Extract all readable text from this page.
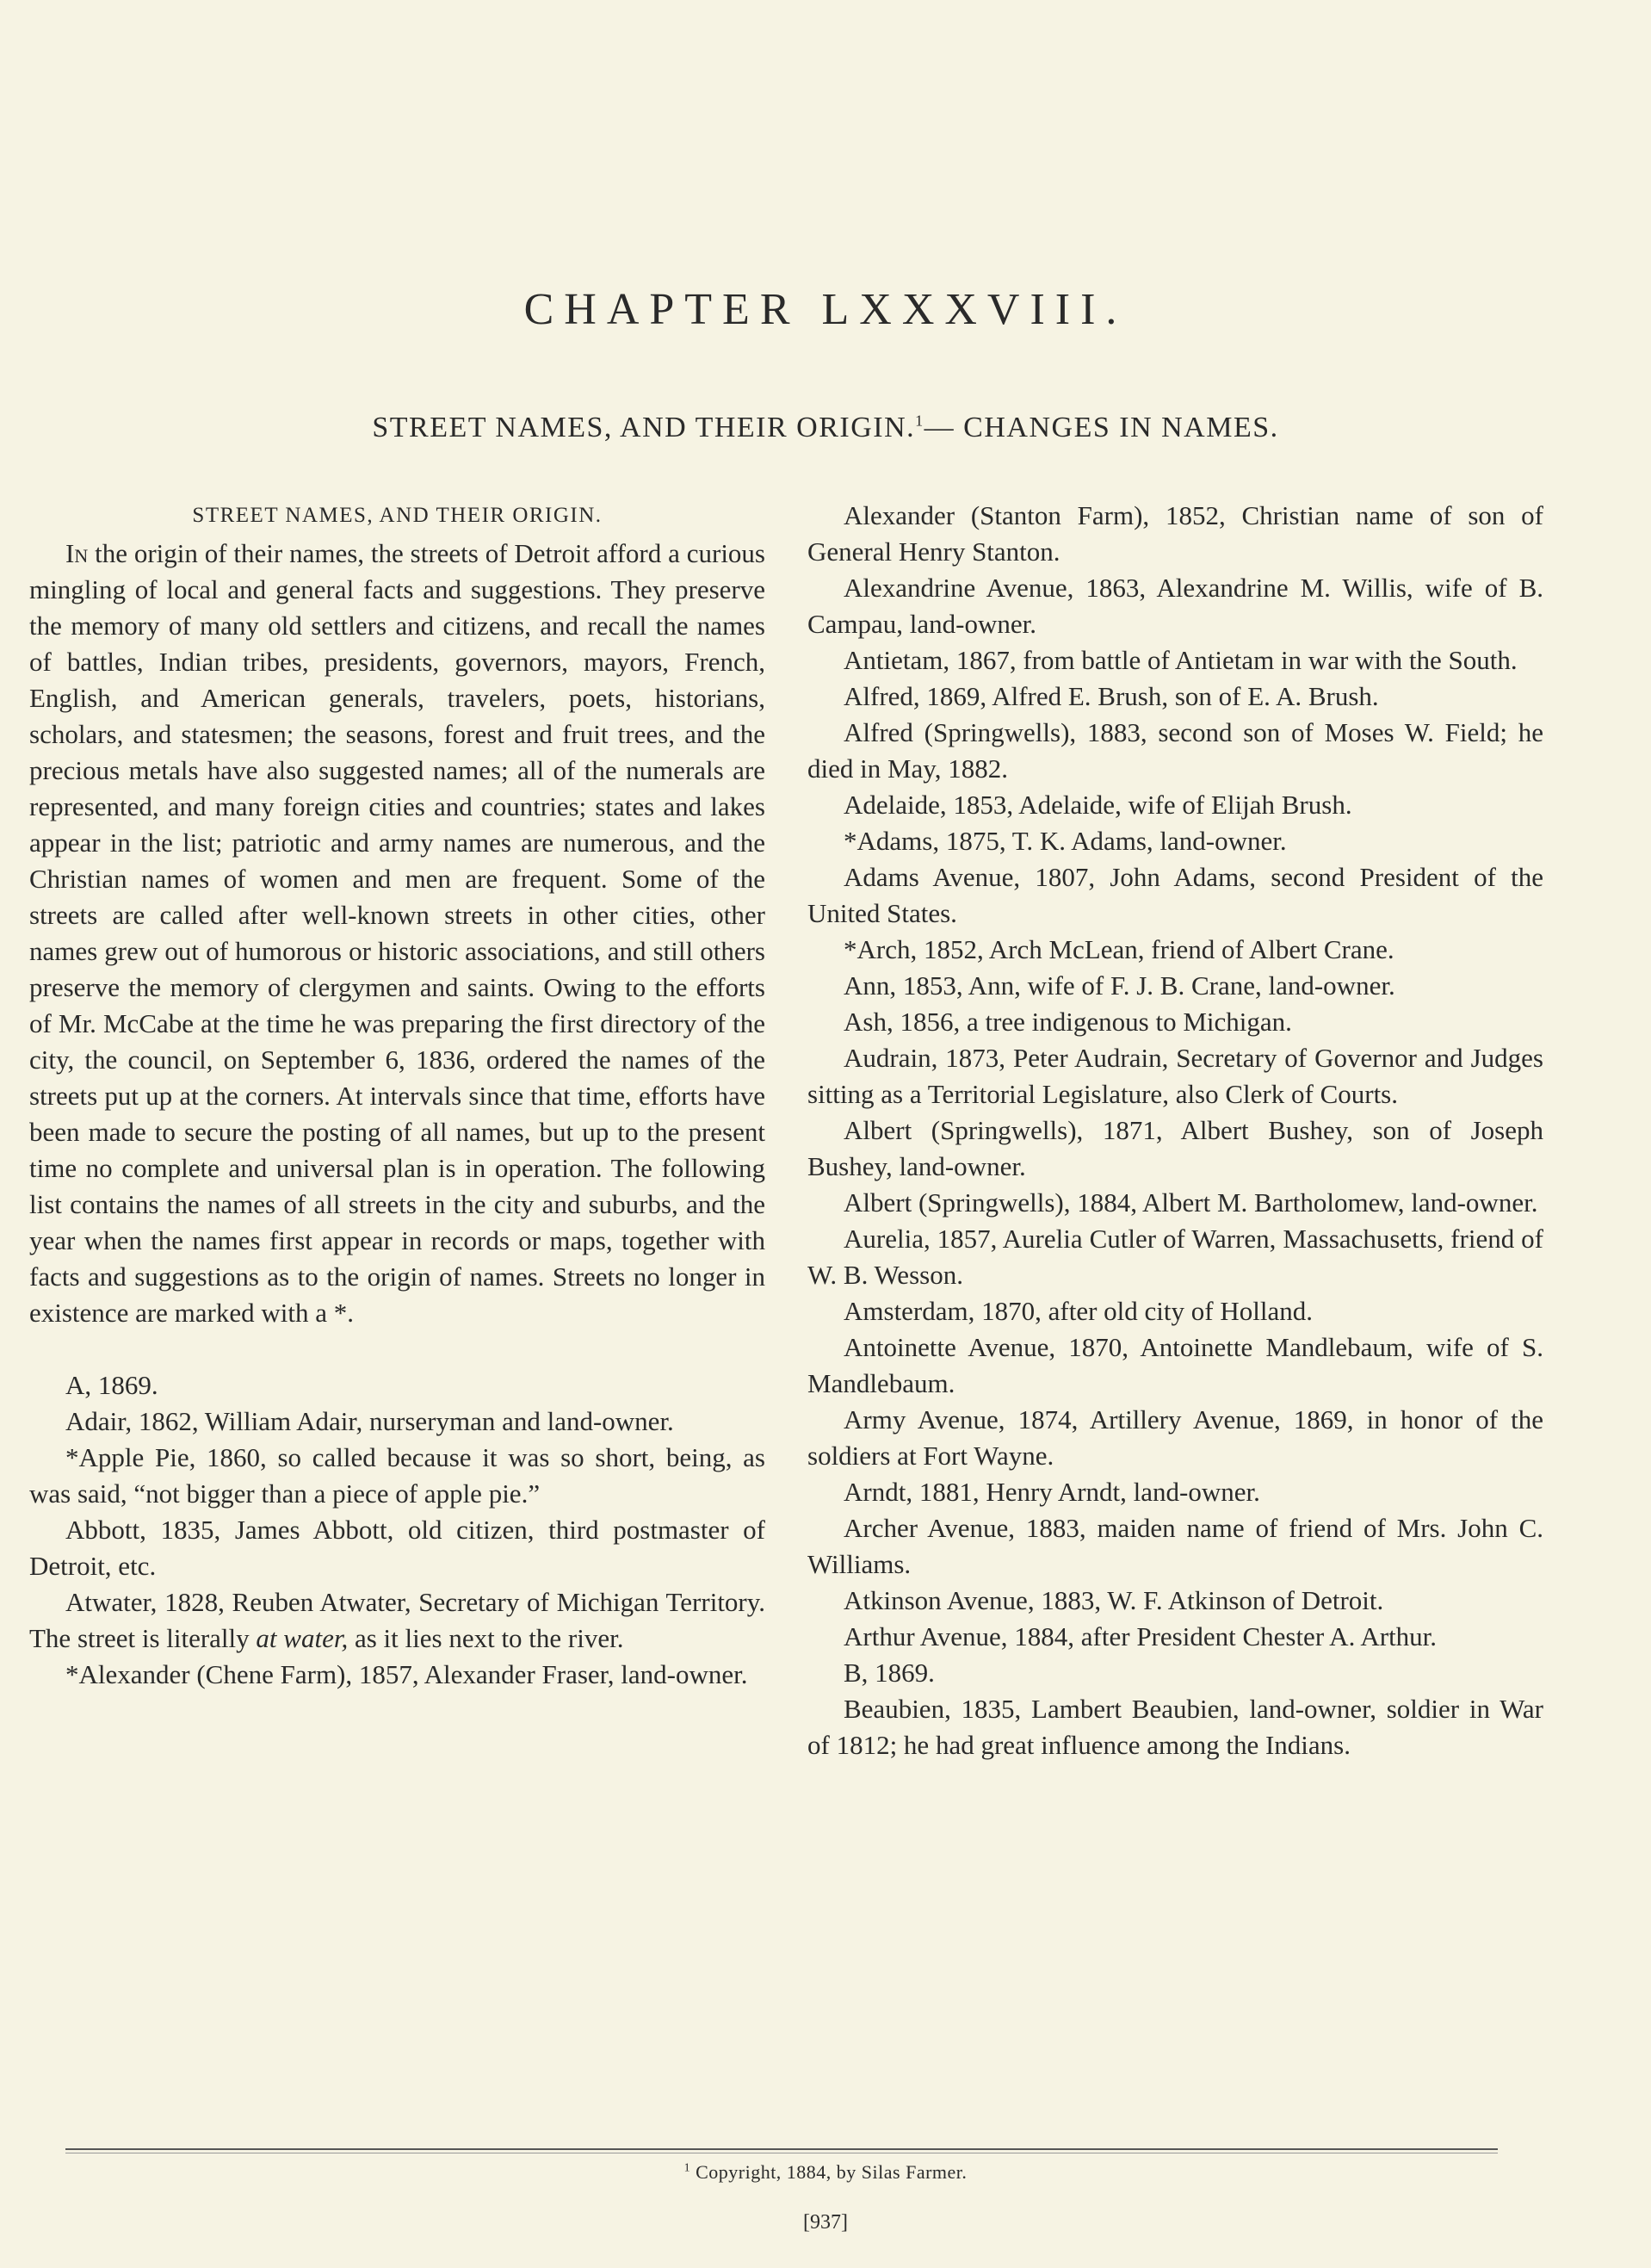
CHAPTER LXXXVIII.
STREET NAMES, AND THEIR ORIGIN.$^1$— CHANGES IN NAMES.

STREET NAMES, AND THEIR ORIGIN.

In the origin of their names, the streets of Detroit afford a curious mingling of local and general facts and suggestions. They preserve the memory of many old settlers and citizens, and recall the names of battles, Indian tribes, presidents, governors, mayors, French, English, and American generals, travelers, poets, historians, scholars, and statesmen; the seasons, forest and fruit trees, and the precious metals have also suggested names; all of the numerals are represented, and many foreign cities and countries; states and lakes appear in the list; patriotic and army names are numerous, and the Christian names of women and men are frequent. Some of the streets are called after well-known streets in other cities, other names grew out of humorous or historic associations, and still others preserve the memory of clergymen and saints. Owing to the efforts of Mr. McCabe at the time he was preparing the first directory of the city, the council, on September 6, 1836, ordered the names of the streets put up at the corners. At intervals since that time, efforts have been made to secure the posting of all names, but up to the present time no complete and universal plan is in operation. The following list contains the names of all streets in the city and suburbs, and the year when the names first appear in records or maps, together with facts and suggestions as to the origin of names. Streets no longer in existence are marked with a *.

A, 1869.

Adair, 1862, William Adair, nurseryman and land-owner.

*Apple Pie, 1860, so called because it was so short, being, as was said, “not bigger than a piece of apple pie.”

Abbott, 1835, James Abbott, old citizen, third postmaster of Detroit, etc.

Atwater, 1828, Reuben Atwater, Secretary of Michigan Territory. The street is literally at water, as it lies next to the river.

*Alexander (Chene Farm), 1857, Alexander Fraser, land-owner.

Alexander (Stanton Farm), 1852, Christian name of son of General Henry Stanton.

Alexandrine Avenue, 1863, Alexandrine M. Willis, wife of B. Campau, land-owner.

Antietam, 1867, from battle of Antietam in war with the South.

Alfred, 1869, Alfred E. Brush, son of E. A. Brush.

Alfred (Springwells), 1883, second son of Moses W. Field; he died in May, 1882.

Adelaide, 1853, Adelaide, wife of Elijah Brush.

*Adams, 1875, T. K. Adams, land-owner.

Adams Avenue, 1807, John Adams, second President of the United States.

*Arch, 1852, Arch McLean, friend of Albert Crane.

Ann, 1853, Ann, wife of F. J. B. Crane, land-owner.

Ash, 1856, a tree indigenous to Michigan.

Audrain, 1873, Peter Audrain, Secretary of Governor and Judges sitting as a Territorial Legislature, also Clerk of Courts.

Albert (Springwells), 1871, Albert Bushey, son of Joseph Bushey, land-owner.

Albert (Springwells), 1884, Albert M. Bartholomew, land-owner.

Aurelia, 1857, Aurelia Cutler of Warren, Massachusetts, friend of W. B. Wesson.

Amsterdam, 1870, after old city of Holland.

Antoinette Avenue, 1870, Antoinette Mandlebaum, wife of S. Mandlebaum.

Army Avenue, 1874, Artillery Avenue, 1869, in honor of the soldiers at Fort Wayne.

Arndt, 1881, Henry Arndt, land-owner.

Archer Avenue, 1883, maiden name of friend of Mrs. John C. Williams.

Atkinson Avenue, 1883, W. F. Atkinson of Detroit.

Arthur Avenue, 1884, after President Chester A. Arthur.

B, 1869.

Beaubien, 1835, Lambert Beaubien, land-owner, soldier in War of 1812; he had great influence among the Indians.

$^1$ Copyright, 1884, by Silas Farmer.
[937]
